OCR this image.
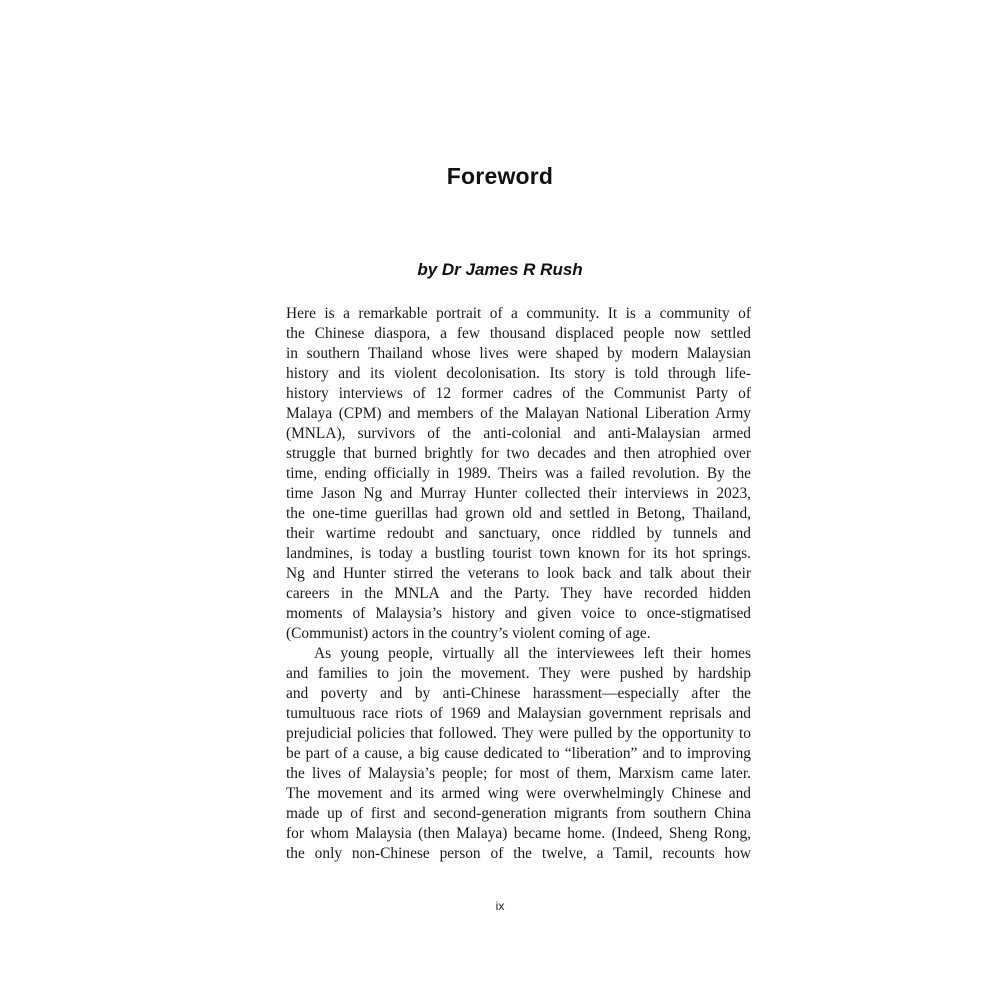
Foreword
by Dr James R Rush

Here is a remarkable portrait of a community. It is a community of
the Chinese diaspora, a few thousand displaced people now settled
in southern Thailand whose lives were shaped by modern Malaysian
history and its violent decolonisation. Its story is told through life-
history interviews of 12 former cadres of the Communist Party of
Malaya (CPM) and members of the Malayan National Liberation Army
(MNLA), survivors of the anti-colonial and anti-Malaysian armed
struggle that burned brightly for two decades and then atrophied over
time, ending officially in 1989. Theirs was a failed revolution. By the
time Jason Ng and Murray Hunter collected their interviews in 2023,
the one-time guerillas had grown old and settled in Betong, Thailand,
their wartime redoubt and sanctuary, once riddled by tunnels and
landmines, is today a bustling tourist town known for its hot springs.
Ng and Hunter stirred the veterans to look back and talk about their
careers in the MNLA and the Party. They have recorded hidden
moments of Malaysia’s history and given voice to once-stigmatised
(Communist) actors in the country’s violent coming of age.

As young people, virtually all the interviewees left their homes
and families to join the movement. They were pushed by hardship
and poverty and by anti-Chinese harassment—especially after the
tumultuous race riots of 1969 and Malaysian government reprisals and
prejudicial policies that followed. They were pulled by the opportunity to
be part of a cause, a big cause dedicated to “liberation” and to improving
the lives of Malaysia’s people; for most of them, Marxism came later.
The movement and its armed wing were overwhelmingly Chinese and
made up of first and second-generation migrants from southern China
for whom Malaysia (then Malaya) became home. (Indeed, Sheng Rong,
the only non-Chinese person of the twelve, a Tamil, recounts how

ix
